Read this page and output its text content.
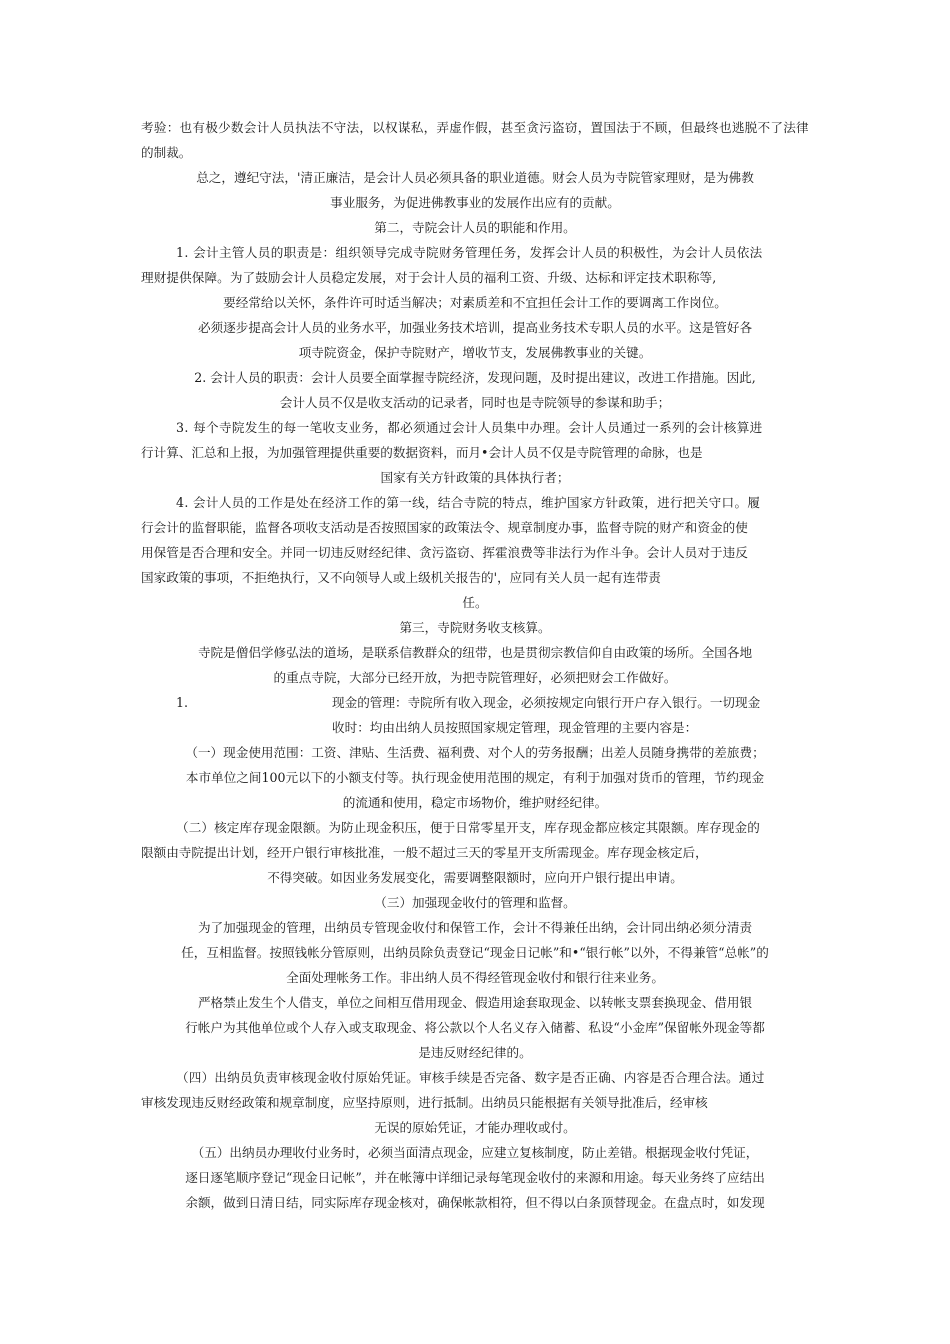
考验：也有极少数会计人员执法不守法，以权谋私，弄虚作假，甚至贪污盗窃，置国法于不顾，但最终也逃脱不了法律
的制裁。
总之，遵纪守法，'清正廉洁，是会计人员必须具备的职业道德。财会人员为寺院管家理财，是为佛教
事业服务，为促进佛教事业的发展作出应有的贡献。
第二，寺院会计人员的职能和作用。
1. 会计主管人员的职责是：组织领导完成寺院财务管理任务，发挥会计人员的积极性，为会计人员依法
理财提供保障。为了鼓励会计人员稳定发展，对于会计人员的福利工资、升级、达标和评定技术职称等,
要经常给以关怀，条件许可时适当解决；对素质差和不宜担任会计工作的要调离工作岗位。
必须逐步提高会计人员的业务水平，加强业务技术培训，提高业务技术专职人员的水平。这是管好各
项寺院资金，保护寺院财产，增收节支，发展佛教事业的关键。
2. 会计人员的职责：会计人员要全面掌握寺院经济，发现问题，及时提出建议，改进工作措施。因此,
会计人员不仅是收支活动的记录者，同时也是寺院领导的参谋和助手；
3. 每个寺院发生的每一笔收支业务，都必须通过会计人员集中办理。会计人员通过一系列的会计核算进
行计算、汇总和上报，为加强管理提供重要的数据资料，而月•会计人员不仅是寺院管理的命脉，也是
国家有关方针政策的具体执行者；
4. 会计人员的工作是处在经济工作的第一线，结合寺院的特点，维护国家方针政策，进行把关守口。履
行会计的监督职能，监督各项收支活动是否按照国家的政策法令、规章制度办事，监督寺院的财产和资金的使
用保管是否合理和安全。并同一切违反财经纪律、贪污盗窃、挥霍浪费等非法行为作斗争。会计人员对于违反
国家政策的事项，不拒绝执行，又不向领导人或上级机关报告的'，应同有关人员一起有连带责
任。
第三，寺院财务收支核算。
寺院是僧侣学修弘法的道场，是联系信教群众的纽带，也是贯彻宗教信仰自由政策的场所。全国各地
的重点寺院，大部分已经开放，为把寺院管理好，必须把财会工作做好。
1.	现金的管理：寺院所有收入现金，必须按规定向银行开户存入银行。一切现金
收时：均由出纳人员按照国家规定管理，现金管理的主要内容是：
（一）现金使用范围：工资、津贴、生活费、福利费、对个人的劳务报酬；出差人员随身携带的差旅费；
本市单位之间100元以下的小额支付等。执行现金使用范围的规定，有利于加强对货币的管理，节约现金
的流通和使用，稳定市场物价，维护财经纪律。
（二）核定库存现金限额。为防止现金积压，便于日常零星开支，库存现金都应核定其限额。库存现金的
限额由寺院提出计划，经开户银行审核批准，一般不超过三天的零星开支所需现金。库存现金核定后，
不得突破。如因业务发展变化，需要调整限额时，应向开户银行提出申请。
（三）加强现金收付的管理和监督。
为了加强现金的管理，出纳员专管现金收付和保管工作，会计不得兼任出纳，会计同出纳必须分清责
任，互相监督。按照钱帐分管原则，出纳员除负责登记“现金日记帐”和•“银行帐”以外，不得兼管“总帐”的
全面处理帐务工作。非出纳人员不得经管现金收付和银行往来业务。
严格禁止发生个人借支，单位之间相互借用现金、假造用途套取现金、以转帐支票套换现金、借用银
行帐户为其他单位或个人存入或支取现金、将公款以个人名义存入储蓄、私设“小金库”保留帐外现金等都
是违反财经纪律的。
（四）出纳员负责审核现金收付原始凭证。审核手续是否完备、数字是否正确、内容是否合理合法。通过
审核发现违反财经政策和规章制度，应坚持原则，进行抵制。出纳员只能根据有关领导批准后，经审核
无误的原始凭证，才能办理收或付。
（五）出纳员办理收付业务时，必须当面清点现金，应建立复核制度，防止差错。根据现金收付凭证，
逐日逐笔顺序登记“现金日记帐”，并在帐簿中详细记录每笔现金收付的来源和用途。每天业务终了应结出
余额，做到日清日结，同实际库存现金核对，确保帐款相符，但不得以白条顶替现金。在盘点时，如发现
